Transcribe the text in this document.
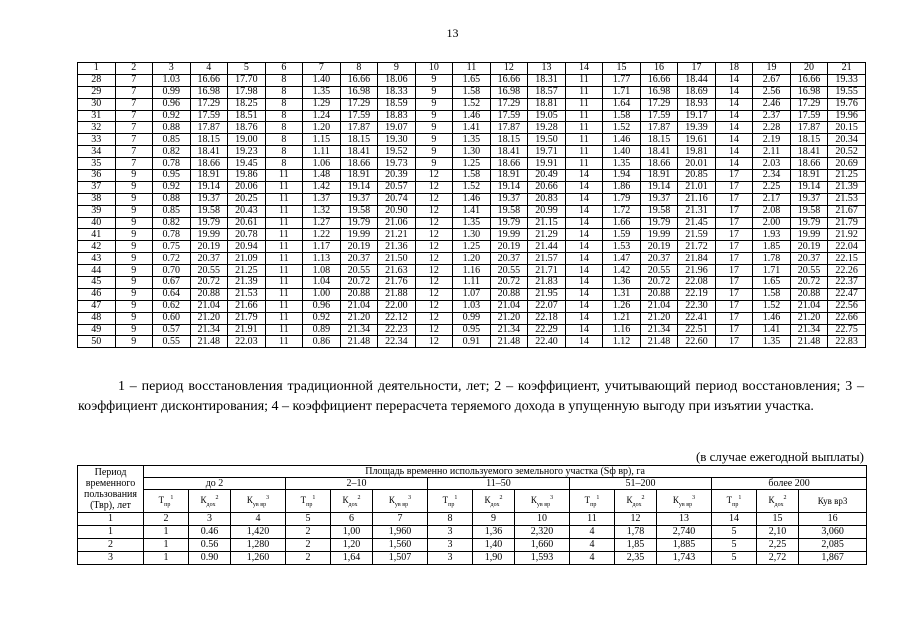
13
1	2	3	4	5	6	7	8	9	10	11	12	13	14	15	16	17	18	19	20	21
28	7	1.03	16.66	17.70	8	1.40	16.66	18.06	9	1.65	16.66	18.31	11	1.77	16.66	18.44	14	2.67	16.66	19.33
29	7	0.99	16.98	17.98	8	1.35	16.98	18.33	9	1.58	16.98	18.57	11	1.71	16.98	18.69	14	2.56	16.98	19.55
30	7	0.96	17.29	18.25	8	1.29	17.29	18.59	9	1.52	17.29	18.81	11	1.64	17.29	18.93	14	2.46	17.29	19.76
31	7	0.92	17.59	18.51	8	1.24	17.59	18.83	9	1.46	17.59	19.05	11	1.58	17.59	19.17	14	2.37	17.59	19.96
32	7	0.88	17.87	18.76	8	1.20	17.87	19.07	9	1.41	17.87	19.28	11	1.52	17.87	19.39	14	2.28	17.87	20.15
33	7	0.85	18.15	19.00	8	1.15	18.15	19.30	9	1.35	18.15	19.50	11	1.46	18.15	19.61	14	2.19	18.15	20.34
34	7	0.82	18.41	19.23	8	1.11	18.41	19.52	9	1.30	18.41	19.71	11	1.40	18.41	19.81	14	2.11	18.41	20.52
35	7	0.78	18.66	19.45	8	1.06	18.66	19.73	9	1.25	18.66	19.91	11	1.35	18.66	20.01	14	2.03	18.66	20.69
36	9	0.95	18.91	19.86	11	1.48	18.91	20.39	12	1.58	18.91	20.49	14	1.94	18.91	20.85	17	2.34	18.91	21.25
37	9	0.92	19.14	20.06	11	1.42	19.14	20.57	12	1.52	19.14	20.66	14	1.86	19.14	21.01	17	2.25	19.14	21.39
38	9	0.88	19.37	20.25	11	1.37	19.37	20.74	12	1.46	19.37	20.83	14	1.79	19.37	21.16	17	2.17	19.37	21.53
39	9	0.85	19.58	20.43	11	1.32	19.58	20.90	12	1.41	19.58	20.99	14	1.72	19.58	21.31	17	2.08	19.58	21.67
40	9	0.82	19.79	20.61	11	1.27	19.79	21.06	12	1.35	19.79	21.15	14	1.66	19.79	21.45	17	2.00	19.79	21.79
41	9	0.78	19.99	20.78	11	1.22	19.99	21.21	12	1.30	19.99	21.29	14	1.59	19.99	21.59	17	1.93	19.99	21.92
42	9	0.75	20.19	20.94	11	1.17	20.19	21.36	12	1.25	20.19	21.44	14	1.53	20.19	21.72	17	1.85	20.19	22.04
43	9	0.72	20.37	21.09	11	1.13	20.37	21.50	12	1.20	20.37	21.57	14	1.47	20.37	21.84	17	1.78	20.37	22.15
44	9	0.70	20.55	21.25	11	1.08	20.55	21.63	12	1.16	20.55	21.71	14	1.42	20.55	21.96	17	1.71	20.55	22.26
45	9	0.67	20.72	21.39	11	1.04	20.72	21.76	12	1.11	20.72	21.83	14	1.36	20.72	22.08	17	1.65	20.72	22.37
46	9	0.64	20.88	21.53	11	1.00	20.88	21.88	12	1.07	20.88	21.95	14	1.31	20.88	22.19	17	1.58	20.88	22.47
47	9	0.62	21.04	21.66	11	0.96	21.04	22.00	12	1.03	21.04	22.07	14	1.26	21.04	22.30	17	1.52	21.04	22.56
48	9	0.60	21.20	21.79	11	0.92	21.20	22.12	12	0.99	21.20	22.18	14	1.21	21.20	22.41	17	1.46	21.20	22.66
49	9	0.57	21.34	21.91	11	0.89	21.34	22.23	12	0.95	21.34	22.29	14	1.16	21.34	22.51	17	1.41	21.34	22.75
50	9	0.55	21.48	22.03	11	0.86	21.48	22.34	12	0.91	21.48	22.40	14	1.12	21.48	22.60	17	1.35	21.48	22.83
1 – период восстановления традиционной деятельности, лет; 2 – коэффициент, учитывающий период восстановления; 3 – коэффициент дисконтирования; 4 – коэффициент перерасчета теряемого дохода в упущенную выгоду при изъятии участка.
(в случае ежегодной выплаты)
Период временного пользования (Твр), лет	Площадь временно используемого земельного участка (Sф вр), га														
	до 2			2–10			11–50			51–200			более 200		
	$Т_{пр}^1$	$К_{дох}^2$	$К_{ув вр}^3$	$Т_{пр}^1$	$К_{дох}^2$	$К_{ув вр}^3$	$Т_{пр}^1$	$К_{дох}^2$	$К_{ув вр}^3$	$Т_{пр}^1$	$К_{дох}^2$	$К_{ув вр}^3$	$Т_{пр}^1$	$К_{дох}^2$	Кув вр3
1	2	3	4	5	6	7	8	9	10	11	12	13	14	15	16
1	1	0.46	1,420	2	1,00	1,960	3	1,36	2,320	4	1,78	2,740	5	2,10	3,060
2	1	0.56	1,280	2	1,20	1,560	3	1,40	1,660	4	1,85	1,885	5	2,25	2,085
3	1	0.90	1,260	2	1,64	1,507	3	1,90	1,593	4	2,35	1,743	5	2,72	1,867
